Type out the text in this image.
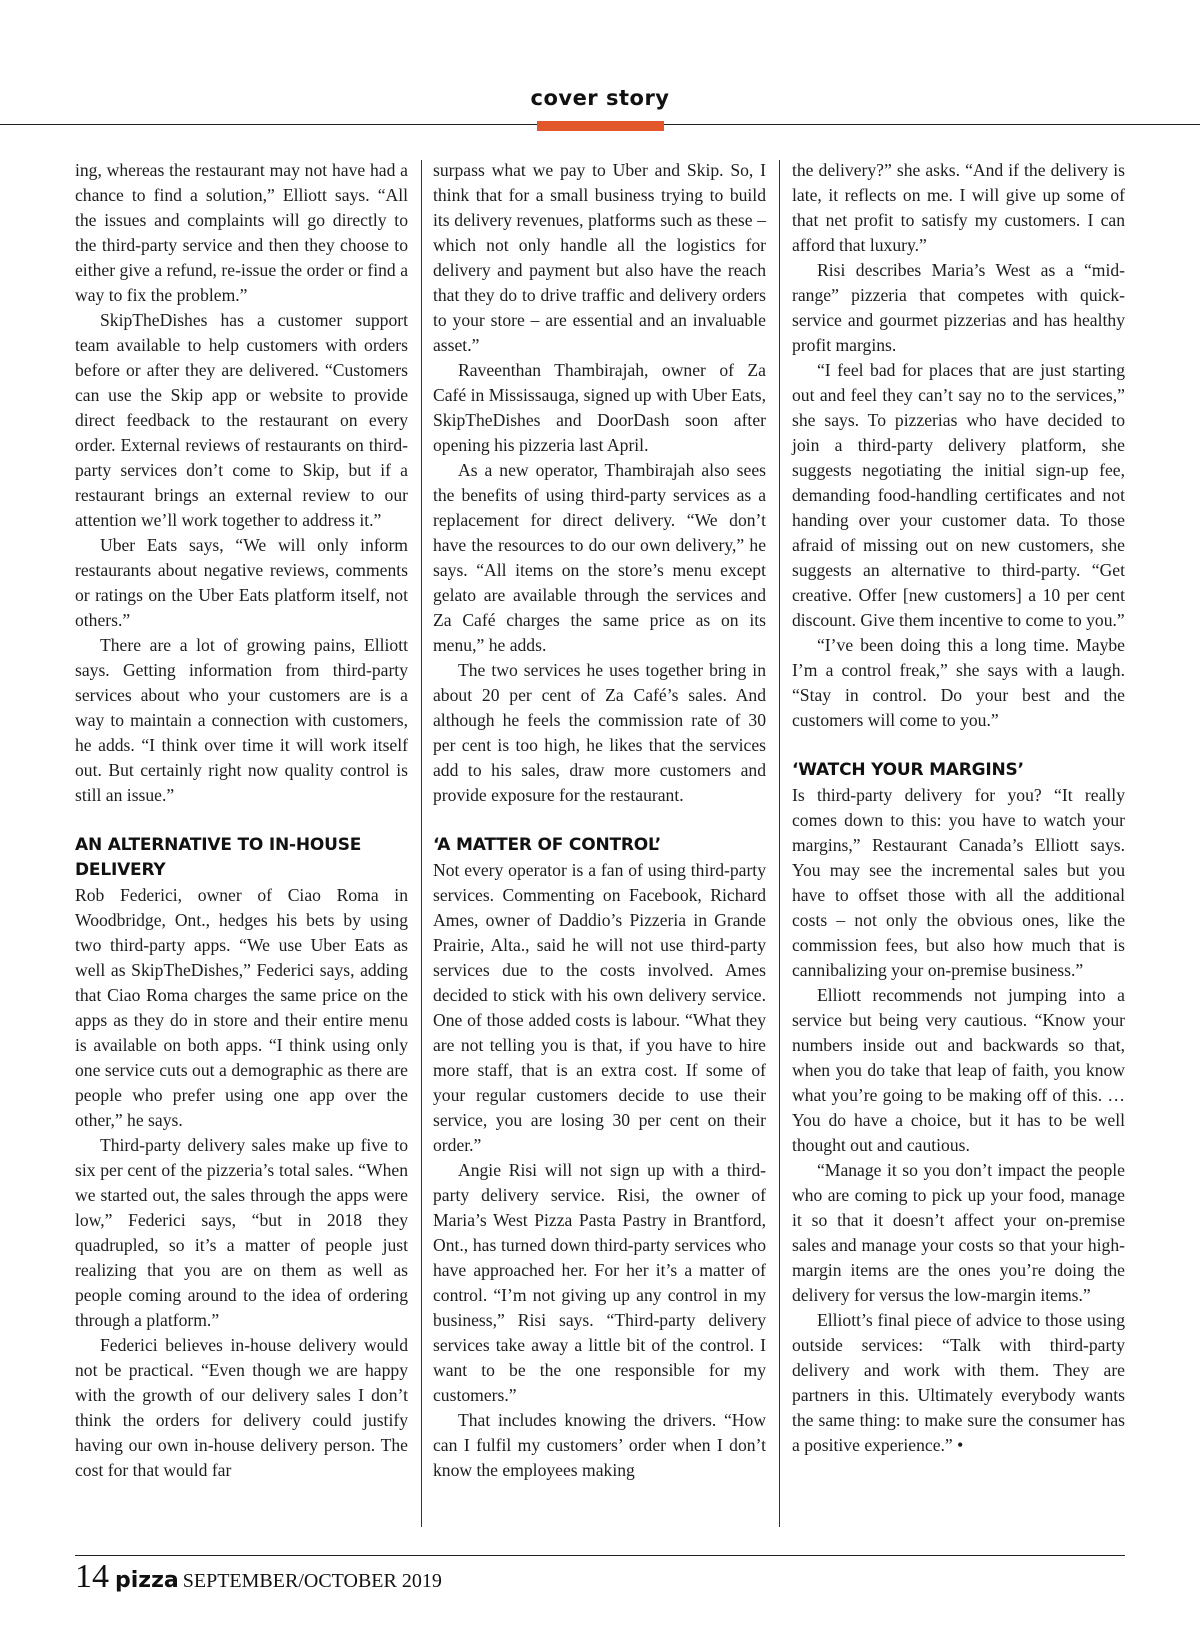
cover story

ing, whereas the restaurant may not have had a chance to find a solution,” Elliott says. “All the issues and complaints will go directly to the third-party service and then they choose to either give a refund, re-issue the order or find a way to fix the problem.”

SkipTheDishes has a customer support team available to help customers with orders before or after they are delivered. “Customers can use the Skip app or website to provide direct feedback to the restaurant on every order. External reviews of restaurants on third-party services don’t come to Skip, but if a restaurant brings an external review to our attention we’ll work together to address it.”

Uber Eats says, “We will only inform restaurants about negative reviews, comments or ratings on the Uber Eats platform itself, not others.”

There are a lot of growing pains, Elliott says. Getting information from third-party services about who your customers are is a way to maintain a connection with customers, he adds. “I think over time it will work itself out. But certainly right now quality control is still an issue.”

AN ALTERNATIVE TO IN-HOUSE DELIVERY

Rob Federici, owner of Ciao Roma in Woodbridge, Ont., hedges his bets by using two third-party apps. “We use Uber Eats as well as SkipTheDishes,” Federici says, adding that Ciao Roma charges the same price on the apps as they do in store and their entire menu is available on both apps. “I think using only one service cuts out a demographic as there are people who prefer using one app over the other,” he says.

Third-party delivery sales make up five to six per cent of the pizzeria’s total sales. “When we started out, the sales through the apps were low,” Federici says, “but in 2018 they quadrupled, so it’s a matter of people just realizing that you are on them as well as people coming around to the idea of ordering through a platform.”

Federici believes in-house delivery would not be practical. “Even though we are happy with the growth of our delivery sales I don’t think the orders for delivery could justify having our own in-house delivery person. The cost for that would far

surpass what we pay to Uber and Skip. So, I think that for a small business trying to build its delivery revenues, platforms such as these – which not only handle all the logistics for delivery and payment but also have the reach that they do to drive traffic and delivery orders to your store – are essential and an invaluable asset.”

Raveenthan Thambirajah, owner of Za Café in Mississauga, signed up with Uber Eats, SkipTheDishes and DoorDash soon after opening his pizzeria last April.

As a new operator, Thambirajah also sees the benefits of using third-party services as a replacement for direct delivery. “We don’t have the resources to do our own delivery,” he says. “All items on the store’s menu except gelato are available through the services and Za Café charges the same price as on its menu,” he adds.

The two services he uses together bring in about 20 per cent of Za Café’s sales. And although he feels the commission rate of 30 per cent is too high, he likes that the services add to his sales, draw more customers and provide exposure for the restaurant.

‘A MATTER OF CONTROL’

Not every operator is a fan of using third-party services. Commenting on Facebook, Richard Ames, owner of Daddio’s Pizzeria in Grande Prairie, Alta., said he will not use third-party services due to the costs involved. Ames decided to stick with his own delivery service. One of those added costs is labour. “What they are not telling you is that, if you have to hire more staff, that is an extra cost. If some of your regular customers decide to use their service, you are losing 30 per cent on their order.”

Angie Risi will not sign up with a third-party delivery service. Risi, the owner of Maria’s West Pizza Pasta Pastry in Brantford, Ont., has turned down third-party services who have approached her. For her it’s a matter of control. “I’m not giving up any control in my business,” Risi says. “Third-party delivery services take away a little bit of the control. I want to be the one responsible for my customers.”

That includes knowing the drivers. “How can I fulfil my customers’ order when I don’t know the employees making

the delivery?” she asks. “And if the delivery is late, it reflects on me. I will give up some of that net profit to satisfy my customers. I can afford that luxury.”

Risi describes Maria’s West as a “mid-range” pizzeria that competes with quick-service and gourmet pizzerias and has healthy profit margins.

“I feel bad for places that are just starting out and feel they can’t say no to the services,” she says. To pizzerias who have decided to join a third-party delivery platform, she suggests negotiating the initial sign-up fee, demanding food-handling certificates and not handing over your customer data. To those afraid of missing out on new customers, she suggests an alternative to third-party. “Get creative. Offer [new customers] a 10 per cent discount. Give them incentive to come to you.”

“I’ve been doing this a long time. Maybe I’m a control freak,” she says with a laugh. “Stay in control. Do your best and the customers will come to you.”

‘WATCH YOUR MARGINS’

Is third-party delivery for you? “It really comes down to this: you have to watch your margins,” Restaurant Canada’s Elliott says. You may see the incremental sales but you have to offset those with all the additional costs – not only the obvious ones, like the commission fees, but also how much that is cannibalizing your on-premise business.”

Elliott recommends not jumping into a service but being very cautious. “Know your numbers inside out and backwards so that, when you do take that leap of faith, you know what you’re going to be making off of this. …You do have a choice, but it has to be well thought out and cautious.

“Manage it so you don’t impact the people who are coming to pick up your food, manage it so that it doesn’t affect your on-premise sales and manage your costs so that your high-margin items are the ones you’re doing the delivery for versus the low-margin items.”

Elliott’s final piece of advice to those using outside services: “Talk with third-party delivery and work with them. They are partners in this. Ultimately everybody wants the same thing: to make sure the consumer has a positive experience.” •

14 pizza SEPTEMBER/OCTOBER 2019
